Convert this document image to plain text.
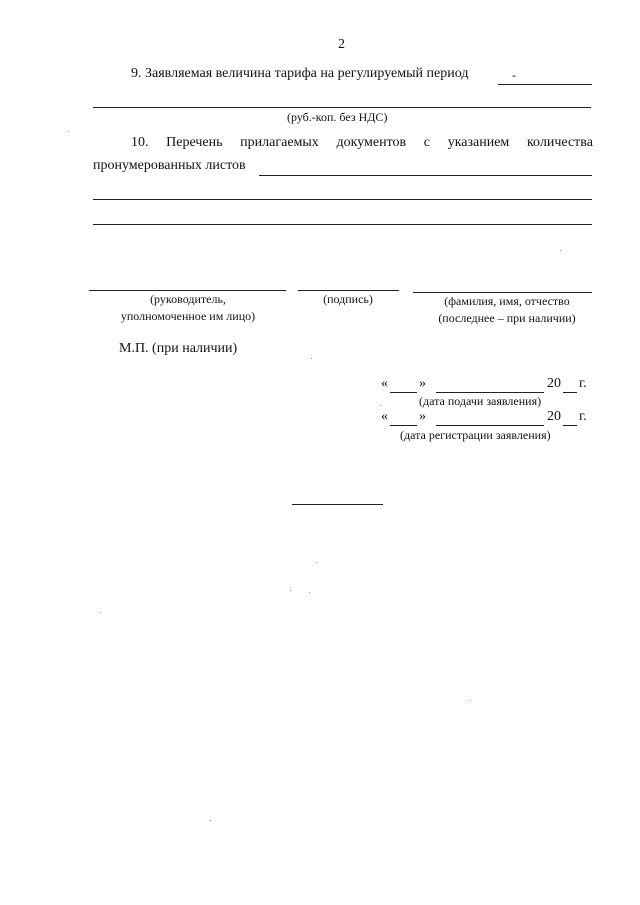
2
9. Заявляемая величина тарифа на регулируемый период	-
(руб.-коп. без НДС)
10. Перечень прилагаемых документов с указанием количества
пронумерованных листов
(руководитель,
уполномоченное им лицо)
(подпись)	(фамилия, имя, отчество
(последнее – при наличии)
М.П. (при наличии)
« »	20 г.
(дата подачи заявления)
« »	20 г.
(дата регистрации заявления)
